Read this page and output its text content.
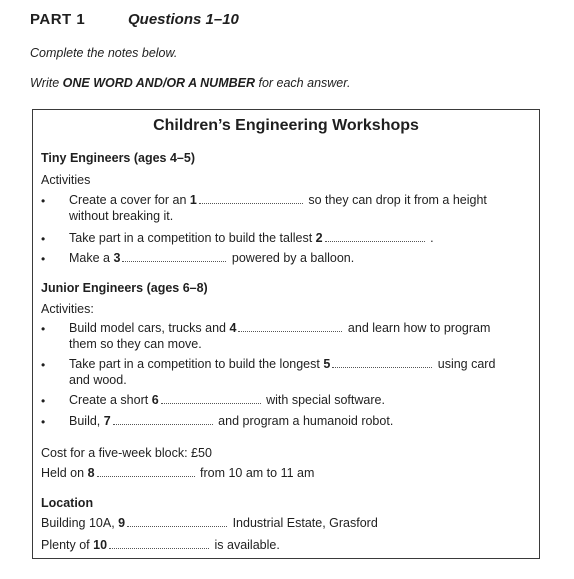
PART 1	Questions 1–10
Complete the notes below.
Write ONE WORD AND/OR A NUMBER for each answer.
Children’s Engineering Workshops
Tiny Engineers (ages 4–5)
Activities
• Create a cover for an 1	so they can drop it from a height
without breaking it.
• Take part in a competition to build the tallest 2	.
• Make a 3	powered by a balloon.
Junior Engineers (ages 6–8)
Activities:
• Build model cars, trucks and 4	and learn how to program
them so they can move.
• Take part in a competition to build the longest 5	using card
and wood.
• Create a short 6	with special software.
• Build, 7	and program a humanoid robot.
Cost for a five-week block: £50
Held on 8	from 10 am to 11 am
Location
Building 10A, 9	Industrial Estate, Grasford
Plenty of 10	is available.
